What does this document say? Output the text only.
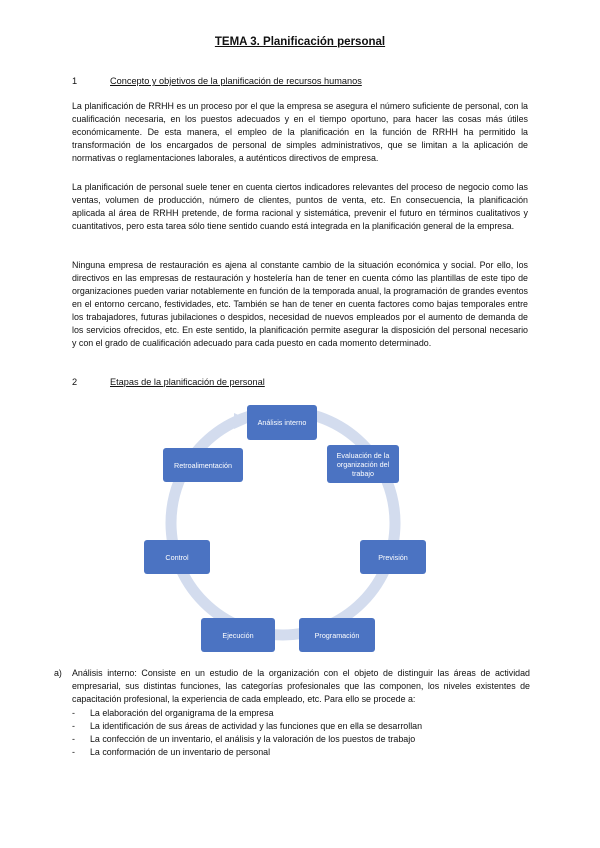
TEMA 3. Planificación personal
1	Concepto y objetivos de la planificación de recursos humanos

La planificación de RRHH es un proceso por el que la empresa se asegura el número suficiente de personal, con la cualificación necesaria, en los puestos adecuados y en el tiempo oportuno, para hacer las cosas más útiles económicamente. De esta manera, el empleo de la planificación en la función de RRHH ha permitido la transformación de los encargados de personal de simples administrativos, que se limitan a la aplicación de normativas o reglamentaciones laborales, a auténticos directivos de empresa.

La planificación de personal suele tener en cuenta ciertos indicadores relevantes del proceso de negocio como las ventas, volumen de producción, número de clientes, puntos de venta, etc. En consecuencia, la planificación aplicada al área de RRHH pretende, de forma racional y sistemática, prevenir el futuro en términos cualitativos y cuantitativos, pero esta tarea sólo tiene sentido cuando está integrada en la planificación general de la empresa.

Ninguna empresa de restauración es ajena al constante cambio de la situación económica y social. Por ello, los directivos en las empresas de restauración y hostelería han de tener en cuenta cómo las plantillas de este tipo de organizaciones pueden variar notablemente en función de la temporada anual, la programación de grandes eventos en el entorno cercano, festividades, etc. También se han de tener en cuenta factores como bajas temporales entre los trabajadores, futuras jubilaciones o despidos, necesidad de nuevos empleados por el aumento de demanda de los servicios ofrecidos, etc. En este sentido, la planificación permite asegurar la disposición del personal necesario y con el grado de cualificación adecuado para cada puesto en cada momento determinado.

2	Etapas de la planificación de personal
Análisis interno
Evaluación de la organización del trabajo
Previsión
Programación
Ejecución
Control
Retroalimentación
a) Análisis interno: Consiste en un estudio de la organización con el objeto de distinguir las áreas de actividad empresarial, sus distintas funciones, las categorías profesionales que las componen, los niveles existentes de capacitación profesional, la experiencia de cada empleado, etc. Para ello se procede a:

- La elaboración del organigrama de la empresa
- La identificación de sus áreas de actividad y las funciones que en ella se desarrollan
- La confección de un inventario, el análisis y la valoración de los puestos de trabajo
- La conformación de un inventario de personal
